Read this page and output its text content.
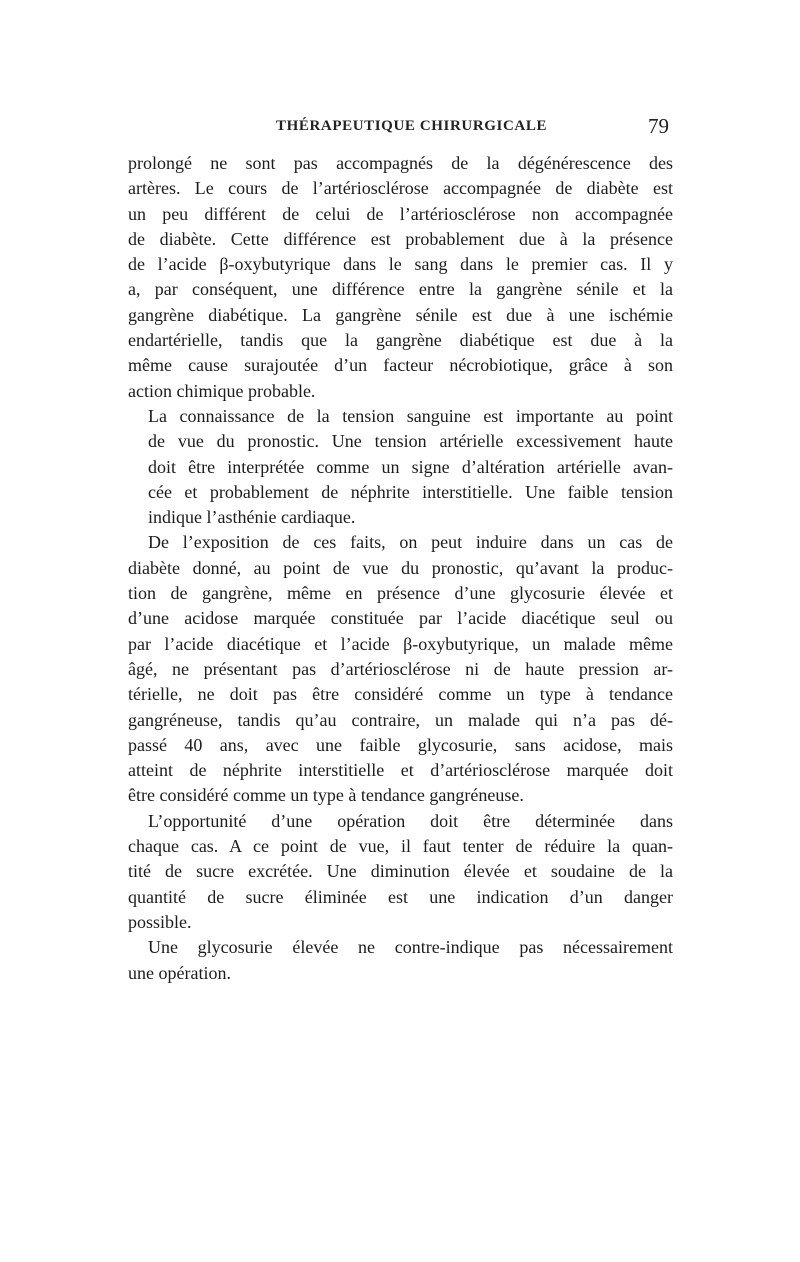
THÉRAPEUTIQUE CHIRURGICALE	79

prolongé ne sont pas accompagnés de la dégénérescence des
artères. Le cours de l’artériosclérose accompagnée de diabète est
un peu différent de celui de l’artériosclérose non accompagnée
de diabète. Cette différence est probablement due à la présence
de l’acide β-oxybutyrique dans le sang dans le premier cas. Il y
a, par conséquent, une différence entre la gangrène sénile et la
gangrène diabétique. La gangrène sénile est due à une ischémie
endartérielle, tandis que la gangrène diabétique est due à la
même cause surajoutée d’un facteur nécrobiotique, grâce à son
action chimique probable.

La connaissance de la tension sanguine est importante au point
de vue du pronostic. Une tension artérielle excessivement haute
doit être interprétée comme un signe d’altération artérielle avan-
cée et probablement de néphrite interstitielle. Une faible tension
indique l’asthénie cardiaque.

De l’exposition de ces faits, on peut induire dans un cas de
diabète donné, au point de vue du pronostic, qu’avant la produc-
tion de gangrène, même en présence d’une glycosurie élevée et
d’une acidose marquée constituée par l’acide diacétique seul ou
par l’acide diacétique et l’acide β-oxybutyrique, un malade même
âgé, ne présentant pas d’artériosclérose ni de haute pression ar-
térielle, ne doit pas être considéré comme un type à tendance
gangréneuse, tandis qu’au contraire, un malade qui n’a pas dé-
passé 40 ans, avec une faible glycosurie, sans acidose, mais
atteint de néphrite interstitielle et d’artériosclérose marquée doit
être considéré comme un type à tendance gangréneuse.

L’opportunité d’une opération doit être déterminée dans
chaque cas. A ce point de vue, il faut tenter de réduire la quan-
tité de sucre excrétée. Une diminution élevée et soudaine de la
quantité de sucre éliminée est une indication d’un danger
possible.

Une glycosurie élevée ne contre-indique pas nécessairement
une opération.
